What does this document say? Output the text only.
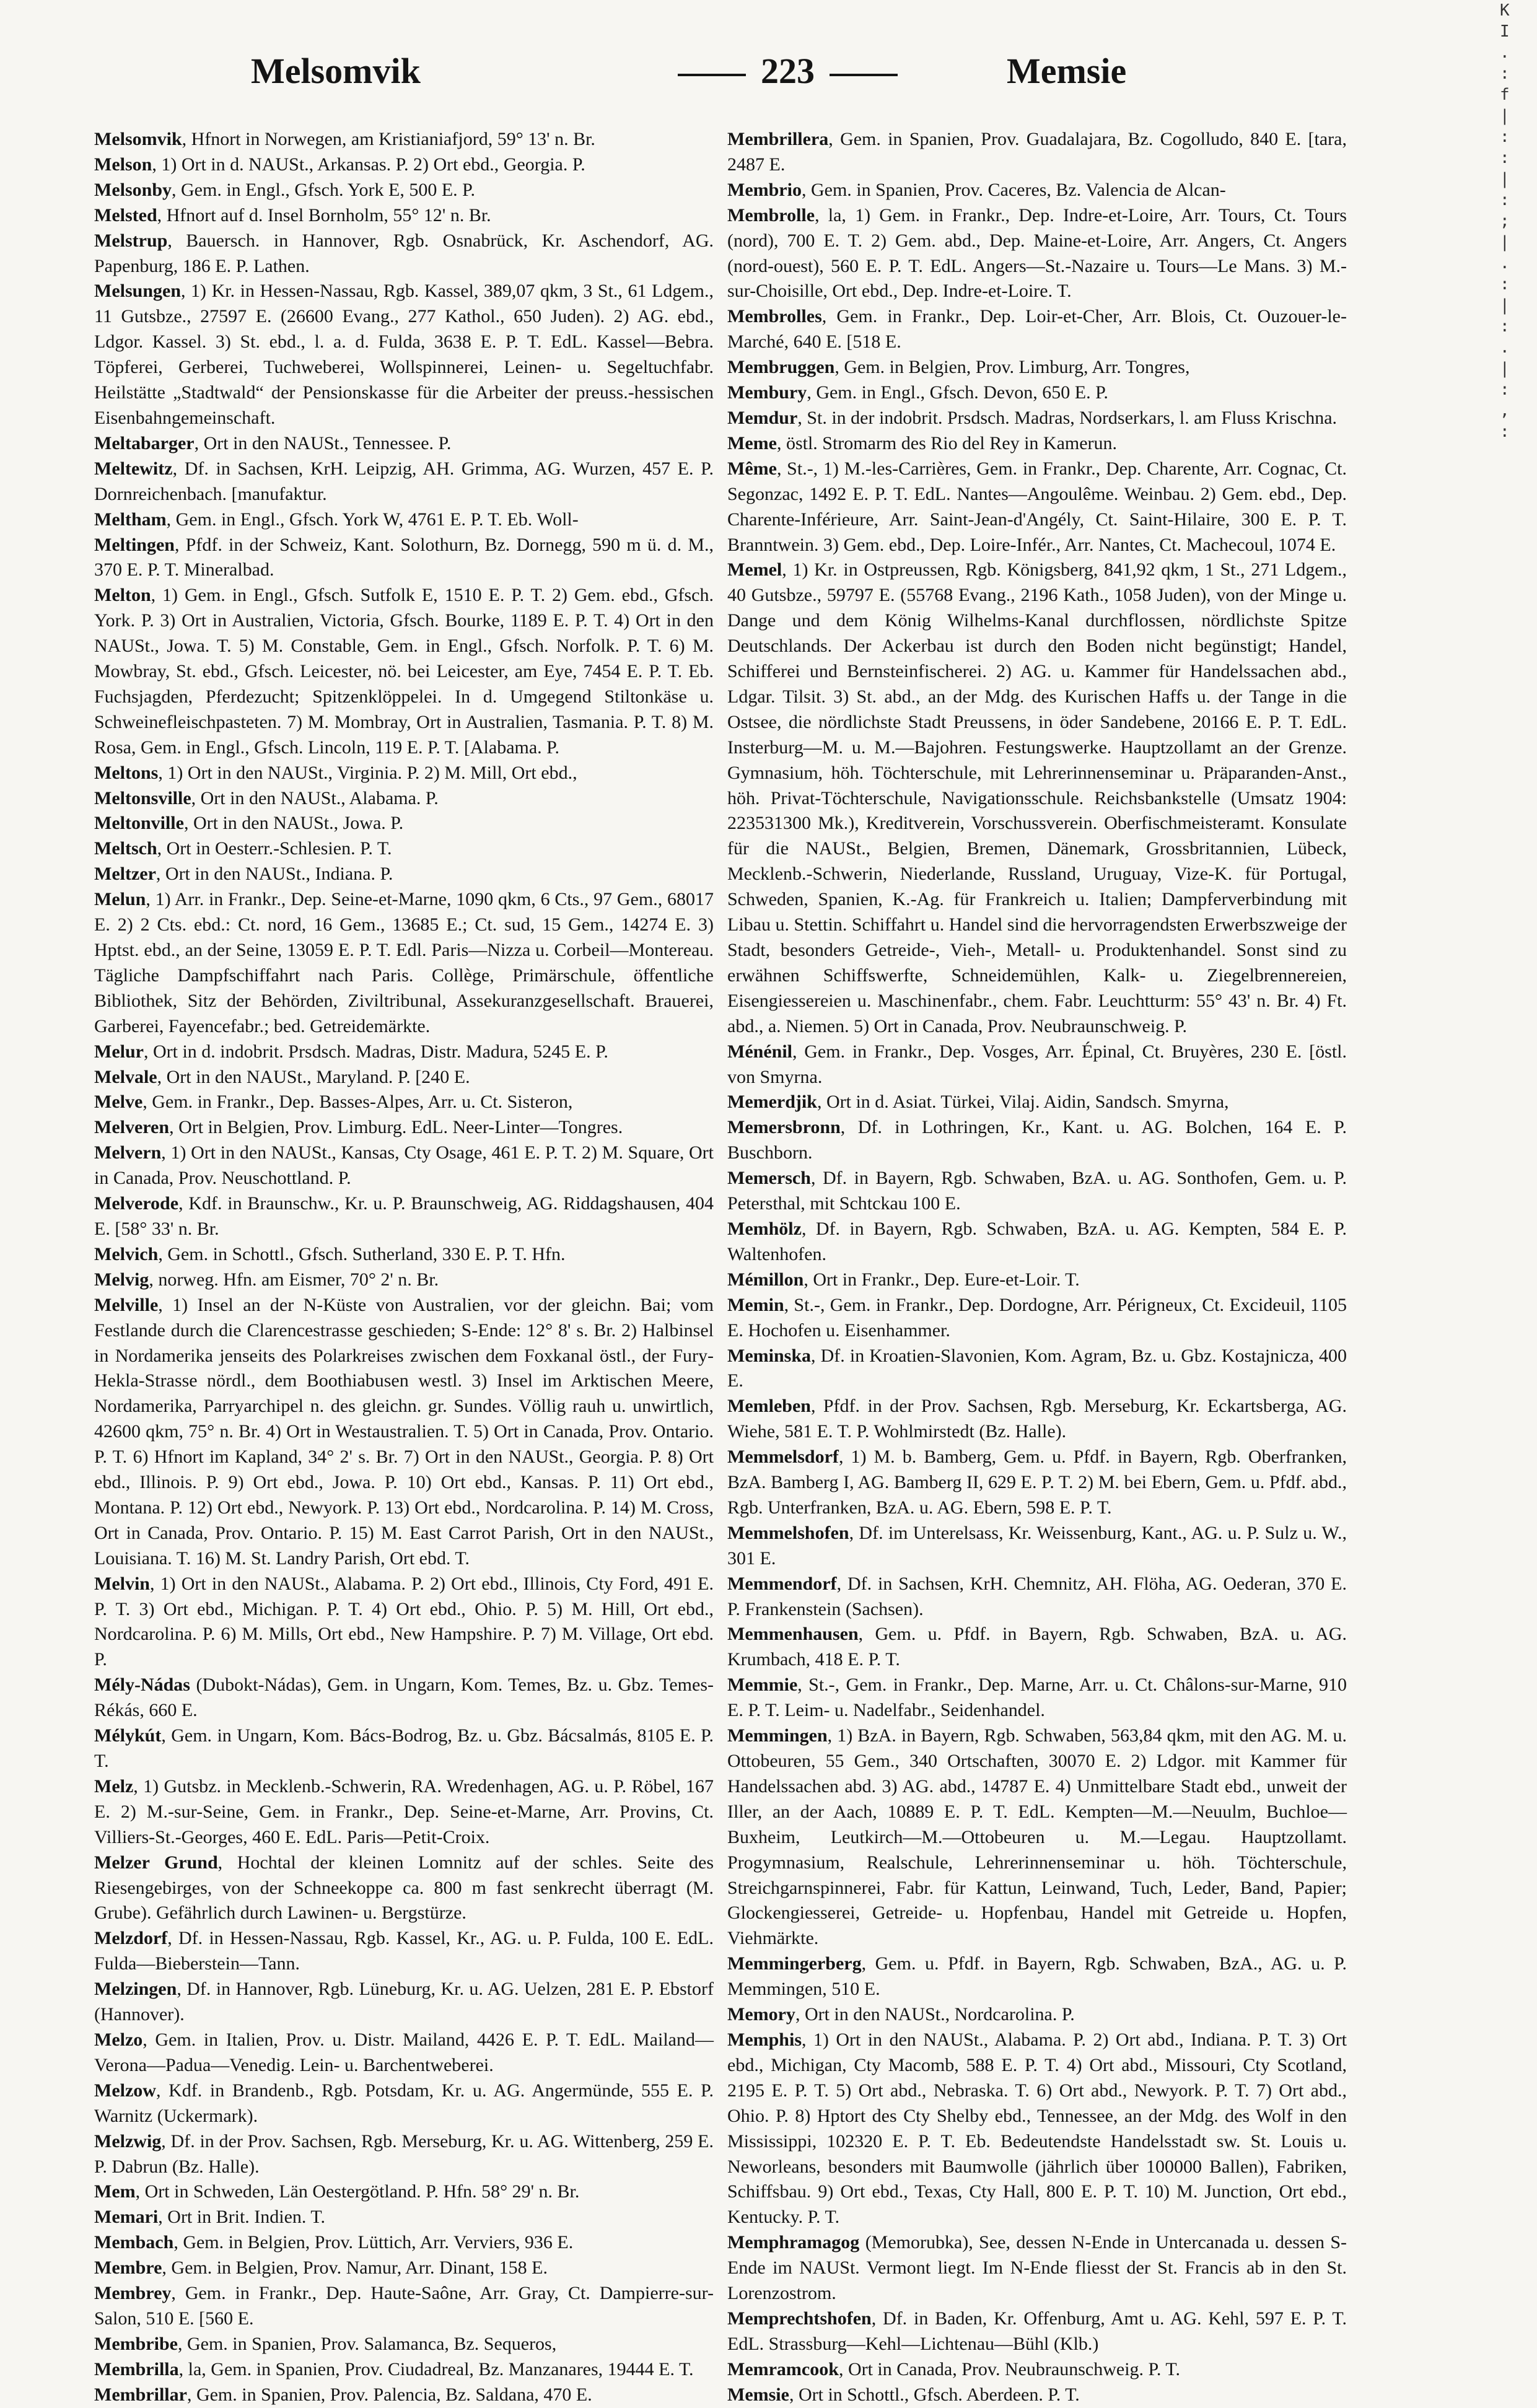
Melsomvik	223	Memsie

Melsomvik, Hfnort in Norwegen, am Kristianiafjord, 59° 13' n. Br.

Melson, 1) Ort in d. NAUSt., Arkansas. P. 2) Ort ebd., Georgia. P.

Melsonby, Gem. in Engl., Gfsch. York E, 500 E. P.

Melsted, Hfnort auf d. Insel Bornholm, 55° 12' n. Br.

Melstrup, Bauersch. in Hannover, Rgb. Osnabrück, Kr. Aschendorf, AG. Papenburg, 186 E. P. Lathen.

Melsungen, 1) Kr. in Hessen-Nassau, Rgb. Kassel, 389,07 qkm, 3 St., 61 Ldgem., 11 Gutsbze., 27597 E. (26600 Evang., 277 Kathol., 650 Juden). 2) AG. ebd., Ldgor. Kassel. 3) St. ebd., l. a. d. Fulda, 3638 E. P. T. EdL. Kassel—Bebra. Töpferei, Gerberei, Tuchweberei, Wollspinnerei, Leinen- u. Segeltuchfabr. Heilstätte „Stadtwald“ der Pensionskasse für die Arbeiter der preuss.-hessischen Eisenbahngemeinschaft.

Meltabarger, Ort in den NAUSt., Tennessee. P.

Meltewitz, Df. in Sachsen, KrH. Leipzig, AH. Grimma, AG. Wurzen, 457 E. P. Dornreichenbach. [manufaktur.

Meltham, Gem. in Engl., Gfsch. York W, 4761 E. P. T. Eb. Woll-

Meltingen, Pfdf. in der Schweiz, Kant. Solothurn, Bz. Dornegg, 590 m ü. d. M., 370 E. P. T. Mineralbad.

Melton, 1) Gem. in Engl., Gfsch. Sutfolk E, 1510 E. P. T. 2) Gem. ebd., Gfsch. York. P. 3) Ort in Australien, Victoria, Gfsch. Bourke, 1189 E. P. T. 4) Ort in den NAUSt., Jowa. T. 5) M. Constable, Gem. in Engl., Gfsch. Norfolk. P. T. 6) M. Mowbray, St. ebd., Gfsch. Leicester, nö. bei Leicester, am Eye, 7454 E. P. T. Eb. Fuchsjagden, Pferdezucht; Spitzenklöppelei. In d. Umgegend Stiltonkäse u. Schweinefleischpasteten. 7) M. Mombray, Ort in Australien, Tasmania. P. T. 8) M. Rosa, Gem. in Engl., Gfsch. Lincoln, 119 E. P. T. [Alabama. P.

Meltons, 1) Ort in den NAUSt., Virginia. P. 2) M. Mill, Ort ebd.,

Meltonsville, Ort in den NAUSt., Alabama. P.

Meltonville, Ort in den NAUSt., Jowa. P.

Meltsch, Ort in Oesterr.-Schlesien. P. T.

Meltzer, Ort in den NAUSt., Indiana. P.

Melun, 1) Arr. in Frankr., Dep. Seine-et-Marne, 1090 qkm, 6 Cts., 97 Gem., 68017 E. 2) 2 Cts. ebd.: Ct. nord, 16 Gem., 13685 E.; Ct. sud, 15 Gem., 14274 E. 3) Hptst. ebd., an der Seine, 13059 E. P. T. Edl. Paris—Nizza u. Corbeil—Montereau. Tägliche Dampfschiffahrt nach Paris. Collège, Primärschule, öffentliche Bibliothek, Sitz der Behörden, Ziviltribunal, Assekuranzgesellschaft. Brauerei, Garberei, Fayencefabr.; bed. Getreidemärkte.

Melur, Ort in d. indobrit. Prsdsch. Madras, Distr. Madura, 5245 E. P.

Melvale, Ort in den NAUSt., Maryland. P. [240 E.

Melve, Gem. in Frankr., Dep. Basses-Alpes, Arr. u. Ct. Sisteron,

Melveren, Ort in Belgien, Prov. Limburg. EdL. Neer-Linter—Tongres.

Melvern, 1) Ort in den NAUSt., Kansas, Cty Osage, 461 E. P. T. 2) M. Square, Ort in Canada, Prov. Neuschottland. P.

Melverode, Kdf. in Braunschw., Kr. u. P. Braunschweig, AG. Riddagshausen, 404 E. [58° 33' n. Br.

Melvich, Gem. in Schottl., Gfsch. Sutherland, 330 E. P. T. Hfn.

Melvig, norweg. Hfn. am Eismer, 70° 2' n. Br.

Melville, 1) Insel an der N-Küste von Australien, vor der gleichn. Bai; vom Festlande durch die Clarencestrasse geschieden; S-Ende: 12° 8' s. Br. 2) Halbinsel in Nordamerika jenseits des Polarkreises zwischen dem Foxkanal östl., der Fury-Hekla-Strasse nördl., dem Boothiabusen westl. 3) Insel im Arktischen Meere, Nordamerika, Parryarchipel n. des gleichn. gr. Sundes. Völlig rauh u. unwirtlich, 42600 qkm, 75° n. Br. 4) Ort in Westaustralien. T. 5) Ort in Canada, Prov. Ontario. P. T. 6) Hfnort im Kapland, 34° 2' s. Br. 7) Ort in den NAUSt., Georgia. P. 8) Ort ebd., Illinois. P. 9) Ort ebd., Jowa. P. 10) Ort ebd., Kansas. P. 11) Ort ebd., Montana. P. 12) Ort ebd., Newyork. P. 13) Ort ebd., Nordcarolina. P. 14) M. Cross, Ort in Canada, Prov. Ontario. P. 15) M. East Carrot Parish, Ort in den NAUSt., Louisiana. T. 16) M. St. Landry Parish, Ort ebd. T.

Melvin, 1) Ort in den NAUSt., Alabama. P. 2) Ort ebd., Illinois, Cty Ford, 491 E. P. T. 3) Ort ebd., Michigan. P. T. 4) Ort ebd., Ohio. P. 5) M. Hill, Ort ebd., Nordcarolina. P. 6) M. Mills, Ort ebd., New Hampshire. P. 7) M. Village, Ort ebd. P.

Mély-Nádas (Dubokt-Nádas), Gem. in Ungarn, Kom. Temes, Bz. u. Gbz. Temes-Rékás, 660 E.

Mélykút, Gem. in Ungarn, Kom. Bács-Bodrog, Bz. u. Gbz. Bácsalmás, 8105 E. P. T.

Melz, 1) Gutsbz. in Mecklenb.-Schwerin, RA. Wredenhagen, AG. u. P. Röbel, 167 E. 2) M.-sur-Seine, Gem. in Frankr., Dep. Seine-et-Marne, Arr. Provins, Ct. Villiers-St.-Georges, 460 E. EdL. Paris—Petit-Croix.

Melzer Grund, Hochtal der kleinen Lomnitz auf der schles. Seite des Riesengebirges, von der Schneekoppe ca. 800 m fast senkrecht überragt (M. Grube). Gefährlich durch Lawinen- u. Bergstürze.

Melzdorf, Df. in Hessen-Nassau, Rgb. Kassel, Kr., AG. u. P. Fulda, 100 E. EdL. Fulda—Bieberstein—Tann.

Melzingen, Df. in Hannover, Rgb. Lüneburg, Kr. u. AG. Uelzen, 281 E. P. Ebstorf (Hannover).

Melzo, Gem. in Italien, Prov. u. Distr. Mailand, 4426 E. P. T. EdL. Mailand—Verona—Padua—Venedig. Lein- u. Barchentweberei.

Melzow, Kdf. in Brandenb., Rgb. Potsdam, Kr. u. AG. Angermünde, 555 E. P. Warnitz (Uckermark).

Melzwig, Df. in der Prov. Sachsen, Rgb. Merseburg, Kr. u. AG. Wittenberg, 259 E. P. Dabrun (Bz. Halle).

Mem, Ort in Schweden, Län Oestergötland. P. Hfn. 58° 29' n. Br.

Memari, Ort in Brit. Indien. T.

Membach, Gem. in Belgien, Prov. Lüttich, Arr. Verviers, 936 E.

Membre, Gem. in Belgien, Prov. Namur, Arr. Dinant, 158 E.

Membrey, Gem. in Frankr., Dep. Haute-Saône, Arr. Gray, Ct. Dampierre-sur-Salon, 510 E. [560 E.

Membribe, Gem. in Spanien, Prov. Salamanca, Bz. Sequeros,

Membrilla, la, Gem. in Spanien, Prov. Ciudadreal, Bz. Manzanares, 19444 E. T.

Membrillar, Gem. in Spanien, Prov. Palencia, Bz. Saldana, 470 E.

Membrillera, Gem. in Spanien, Prov. Guadalajara, Bz. Cogolludo, 840 E. [tara, 2487 E.

Membrio, Gem. in Spanien, Prov. Caceres, Bz. Valencia de Alcan-

Membrolle, la, 1) Gem. in Frankr., Dep. Indre-et-Loire, Arr. Tours, Ct. Tours (nord), 700 E. T. 2) Gem. abd., Dep. Maine-et-Loire, Arr. Angers, Ct. Angers (nord-ouest), 560 E. P. T. EdL. Angers—St.-Nazaire u. Tours—Le Mans. 3) M.-sur-Choisille, Ort ebd., Dep. Indre-et-Loire. T.

Membrolles, Gem. in Frankr., Dep. Loir-et-Cher, Arr. Blois, Ct. Ouzouer-le-Marché, 640 E. [518 E.

Membruggen, Gem. in Belgien, Prov. Limburg, Arr. Tongres,

Membury, Gem. in Engl., Gfsch. Devon, 650 E. P.

Memdur, St. in der indobrit. Prsdsch. Madras, Nordserkars, l. am Fluss Krischna.

Meme, östl. Stromarm des Rio del Rey in Kamerun.

Même, St.-, 1) M.-les-Carrières, Gem. in Frankr., Dep. Charente, Arr. Cognac, Ct. Segonzac, 1492 E. P. T. EdL. Nantes—Angoulême. Weinbau. 2) Gem. ebd., Dep. Charente-Inférieure, Arr. Saint-Jean-d'Angély, Ct. Saint-Hilaire, 300 E. P. T. Branntwein. 3) Gem. ebd., Dep. Loire-Infér., Arr. Nantes, Ct. Machecoul, 1074 E.

Memel, 1) Kr. in Ostpreussen, Rgb. Königsberg, 841,92 qkm, 1 St., 271 Ldgem., 40 Gutsbze., 59797 E. (55768 Evang., 2196 Kath., 1058 Juden), von der Minge u. Dange und dem König Wilhelms-Kanal durchflossen, nördlichste Spitze Deutschlands. Der Ackerbau ist durch den Boden nicht begünstigt; Handel, Schifferei und Bernsteinfischerei. 2) AG. u. Kammer für Handelssachen abd., Ldgar. Tilsit. 3) St. abd., an der Mdg. des Kurischen Haffs u. der Tange in die Ostsee, die nördlichste Stadt Preussens, in öder Sandebene, 20166 E. P. T. EdL. Insterburg—M. u. M.—Bajohren. Festungswerke. Hauptzollamt an der Grenze. Gymnasium, höh. Töchterschule, mit Lehrerinnenseminar u. Präparanden-Anst., höh. Privat-Töchterschule, Navigationsschule. Reichsbankstelle (Umsatz 1904: 223531300 Mk.), Kreditverein, Vorschussverein. Oberfischmeisteramt. Konsulate für die NAUSt., Belgien, Bremen, Dänemark, Grossbritannien, Lübeck, Mecklenb.-Schwerin, Niederlande, Russland, Uruguay, Vize-K. für Portugal, Schweden, Spanien, K.-Ag. für Frankreich u. Italien; Dampferverbindung mit Libau u. Stettin. Schiffahrt u. Handel sind die hervorragendsten Erwerbszweige der Stadt, besonders Getreide-, Vieh-, Metall- u. Produktenhandel. Sonst sind zu erwähnen Schiffswerfte, Schneidemühlen, Kalk- u. Ziegelbrennereien, Eisengiessereien u. Maschinenfabr., chem. Fabr. Leuchtturm: 55° 43' n. Br. 4) Ft. abd., a. Niemen. 5) Ort in Canada, Prov. Neubraunschweig. P.

Ménénil, Gem. in Frankr., Dep. Vosges, Arr. Épinal, Ct. Bruyères, 230 E. [östl. von Smyrna.

Memerdjik, Ort in d. Asiat. Türkei, Vilaj. Aidin, Sandsch. Smyrna,

Memersbronn, Df. in Lothringen, Kr., Kant. u. AG. Bolchen, 164 E. P. Buschborn.

Memersch, Df. in Bayern, Rgb. Schwaben, BzA. u. AG. Sonthofen, Gem. u. P. Petersthal, mit Schtckau 100 E.

Memhölz, Df. in Bayern, Rgb. Schwaben, BzA. u. AG. Kempten, 584 E. P. Waltenhofen.

Mémillon, Ort in Frankr., Dep. Eure-et-Loir. T.

Memin, St.-, Gem. in Frankr., Dep. Dordogne, Arr. Périgneux, Ct. Excideuil, 1105 E. Hochofen u. Eisenhammer.

Meminska, Df. in Kroatien-Slavonien, Kom. Agram, Bz. u. Gbz. Kostajnicza, 400 E.

Memleben, Pfdf. in der Prov. Sachsen, Rgb. Merseburg, Kr. Eckartsberga, AG. Wiehe, 581 E. T. P. Wohlmirstedt (Bz. Halle).

Memmelsdorf, 1) M. b. Bamberg, Gem. u. Pfdf. in Bayern, Rgb. Oberfranken, BzA. Bamberg I, AG. Bamberg II, 629 E. P. T. 2) M. bei Ebern, Gem. u. Pfdf. abd., Rgb. Unterfranken, BzA. u. AG. Ebern, 598 E. P. T.

Memmelshofen, Df. im Unterelsass, Kr. Weissenburg, Kant., AG. u. P. Sulz u. W., 301 E.

Memmendorf, Df. in Sachsen, KrH. Chemnitz, AH. Flöha, AG. Oederan, 370 E. P. Frankenstein (Sachsen).

Memmenhausen, Gem. u. Pfdf. in Bayern, Rgb. Schwaben, BzA. u. AG. Krumbach, 418 E. P. T.

Memmie, St.-, Gem. in Frankr., Dep. Marne, Arr. u. Ct. Châlons-sur-Marne, 910 E. P. T. Leim- u. Nadelfabr., Seidenhandel.

Memmingen, 1) BzA. in Bayern, Rgb. Schwaben, 563,84 qkm, mit den AG. M. u. Ottobeuren, 55 Gem., 340 Ortschaften, 30070 E. 2) Ldgor. mit Kammer für Handelssachen abd. 3) AG. abd., 14787 E. 4) Unmittelbare Stadt ebd., unweit der Iller, an der Aach, 10889 E. P. T. EdL. Kempten—M.—Neuulm, Buchloe—Buxheim, Leutkirch—M.—Ottobeuren u. M.—Legau. Hauptzollamt. Progymnasium, Realschule, Lehrerinnenseminar u. höh. Töchterschule, Streichgarnspinnerei, Fabr. für Kattun, Leinwand, Tuch, Leder, Band, Papier; Glockengiesserei, Getreide- u. Hopfenbau, Handel mit Getreide u. Hopfen, Viehmärkte.

Memmingerberg, Gem. u. Pfdf. in Bayern, Rgb. Schwaben, BzA., AG. u. P. Memmingen, 510 E.

Memory, Ort in den NAUSt., Nordcarolina. P.

Memphis, 1) Ort in den NAUSt., Alabama. P. 2) Ort abd., Indiana. P. T. 3) Ort ebd., Michigan, Cty Macomb, 588 E. P. T. 4) Ort abd., Missouri, Cty Scotland, 2195 E. P. T. 5) Ort abd., Nebraska. T. 6) Ort abd., Newyork. P. T. 7) Ort abd., Ohio. P. 8) Hptort des Cty Shelby ebd., Tennessee, an der Mdg. des Wolf in den Mississippi, 102320 E. P. T. Eb. Bedeutendste Handelsstadt sw. St. Louis u. Neworleans, besonders mit Baumwolle (jährlich über 100000 Ballen), Fabriken, Schiffsbau. 9) Ort ebd., Texas, Cty Hall, 800 E. P. T. 10) M. Junction, Ort ebd., Kentucky. P. T.

Memphramagog (Memorubka), See, dessen N-Ende in Untercanada u. dessen S-Ende im NAUSt. Vermont liegt. Im N-Ende fliesst der St. Francis ab in den St. Lorenzostrom.

Memprechtshofen, Df. in Baden, Kr. Offenburg, Amt u. AG. Kehl, 597 E. P. T. EdL. Strassburg—Kehl—Lichtenau—Bühl (Klb.)

Memramcook, Ort in Canada, Prov. Neubraunschweig. P. T.

Memsie, Ort in Schottl., Gfsch. Aberdeen. P. T.

K
I
.
:
f
|
:
:
|
:
;
|
.
:
|
:
.
|
:
,
:
